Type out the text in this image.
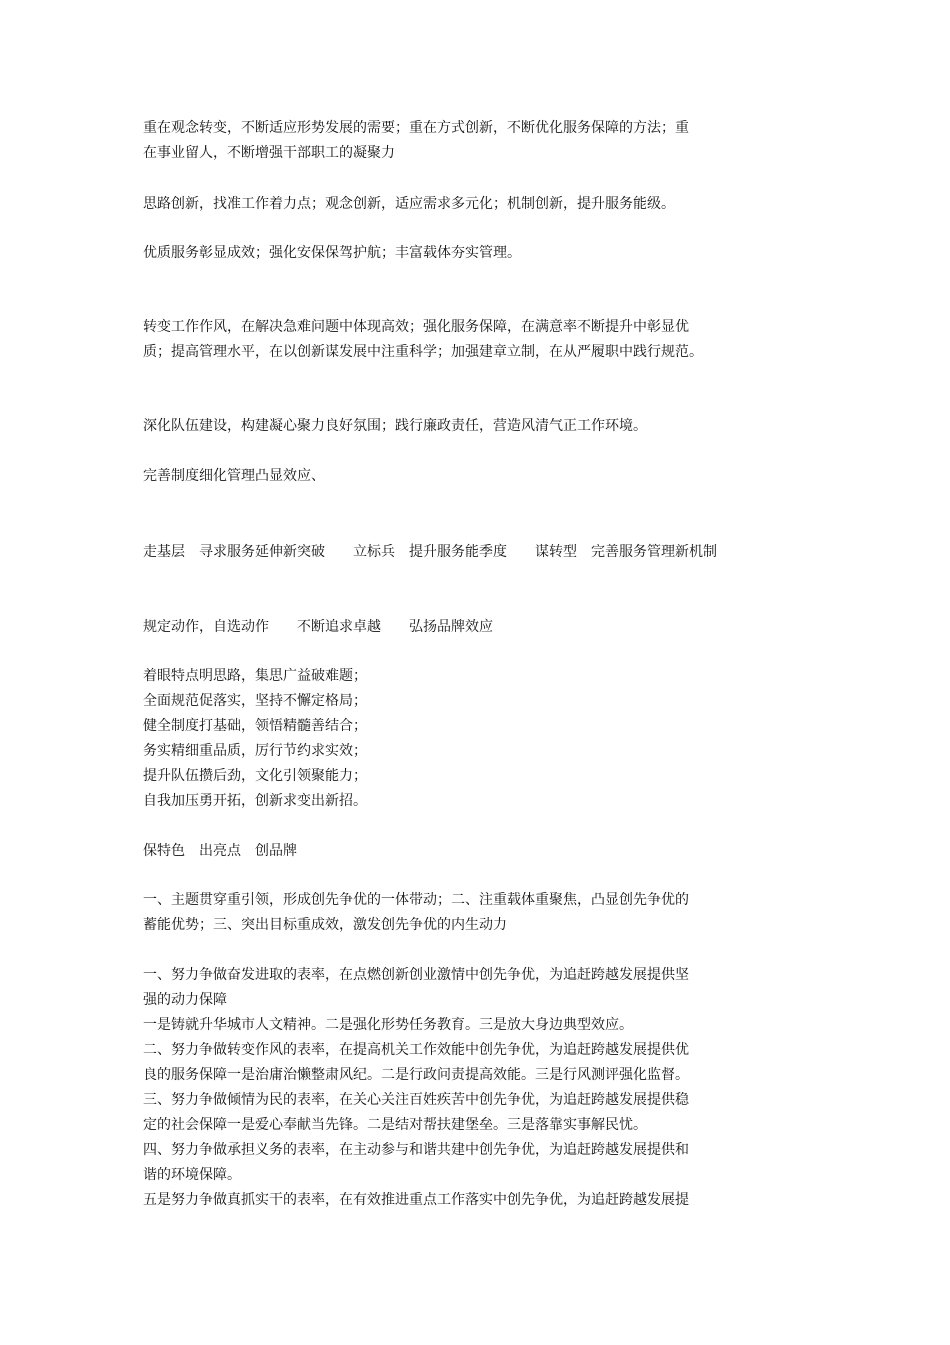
重在观念转变，不断适应形势发展的需要；重在方式创新，不断优化服务保障的方法；重
在事业留人，不断增强干部职工的凝聚力
思路创新，找准工作着力点；观念创新，适应需求多元化；机制创新，提升服务能级。
优质服务彰显成效；强化安保保驾护航；丰富载体夯实管理。
转变工作作风，在解决急难问题中体现高效；强化服务保障，在满意率不断提升中彰显优
质；提高管理水平，在以创新谋发展中注重科学；加强建章立制，在从严履职中践行规范。
深化队伍建设，构建凝心聚力良好氛围；践行廉政责任，营造风清气正工作环境。
完善制度细化管理凸显效应、
走基层　寻求服务延伸新突破　　立标兵　提升服务能季度　　谋转型　完善服务管理新机制
规定动作，自选动作　　不断追求卓越　　弘扬品牌效应
着眼特点明思路，集思广益破难题；
全面规范促落实，坚持不懈定格局；
健全制度打基础，领悟精髓善结合；
务实精细重品质，厉行节约求实效；
提升队伍攒后劲，文化引领聚能力；
自我加压勇开拓，创新求变出新招。
保特色　出亮点　创品牌
一、主题贯穿重引领，形成创先争优的一体带动；二、注重载体重聚焦，凸显创先争优的
蓄能优势；三、突出目标重成效，激发创先争优的内生动力
一、努力争做奋发进取的表率，在点燃创新创业激情中创先争优，为追赶跨越发展提供坚
强的动力保障
一是铸就升华城市人文精神。二是强化形势任务教育。三是放大身边典型效应。
二、努力争做转变作风的表率，在提高机关工作效能中创先争优，为追赶跨越发展提供优
良的服务保障一是治庸治懒整肃风纪。二是行政问责提高效能。三是行风测评强化监督。
三、努力争做倾情为民的表率，在关心关注百姓疾苦中创先争优，为追赶跨越发展提供稳
定的社会保障一是爱心奉献当先锋。二是结对帮扶建堡垒。三是落靠实事解民忧。
四、努力争做承担义务的表率，在主动参与和谐共建中创先争优，为追赶跨越发展提供和
谐的环境保障。
五是努力争做真抓实干的表率，在有效推进重点工作落实中创先争优，为追赶跨越发展提
